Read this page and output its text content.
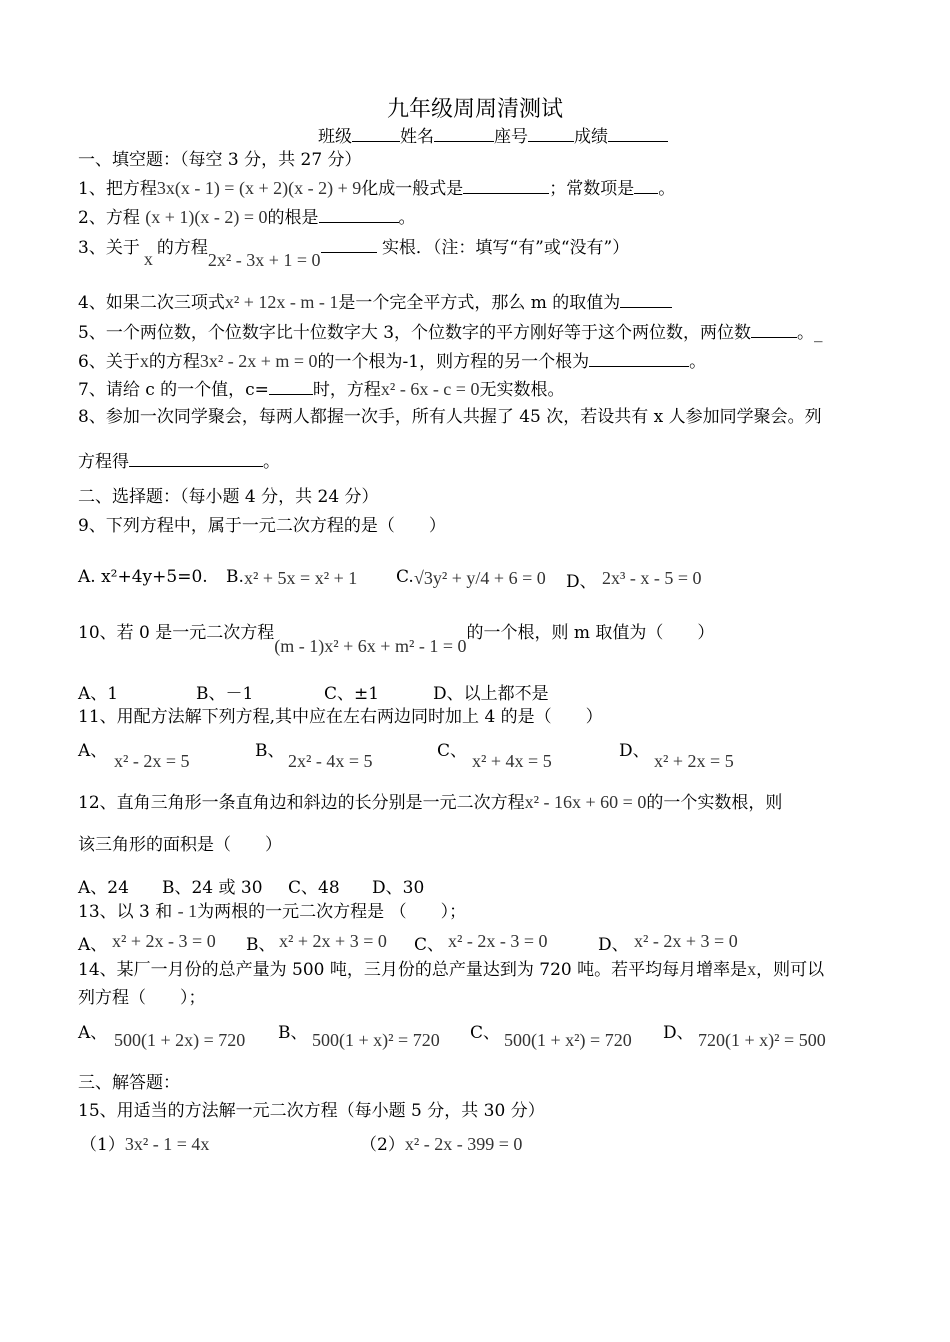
九年级周周清测试
班级	姓名	座号	成绩
一、填空题：（每空 3 分，共 27 分）
1、把方程3x(x - 1) = (x + 2)(x - 2) + 9化成一般式是	；常数项是 。
2、方程 (x + 1)(x - 2) = 0的根是	。
3、关于x的方程2x² - 3x + 1 = 0 实根．（注：填写“有”或“没有”）
4、如果二次三项式x² + 12x - m - 1是一个完全平方式，那么 m 的取值为
5、一个两位数，个位数字比十位数字大 3，个位数字的平方刚好等于这个两位数，两位数	。_
6、关于x的方程3x² - 2x + m = 0的一个根为-1，则方程的另一个根为	。
7、请给 c 的一个值，c=	时，方程x² - 6x - c = 0无实数根。
8、参加一次同学聚会，每两人都握一次手，所有人共握了 45 次，若设共有 x 人参加同学聚会。列
方程得	。
二、选择题：（每小题 4 分，共 24 分）
9、下列方程中，属于一元二次方程的是（　　）
A. x²+4y+5=0. B. x² + 5x = x² + 1 C. √3y² + y/4 + 6 = 0 D、 2x³ - x - 5 = 0
10、若 0 是一元二次方程(m - 1)x² + 6x + m² - 1 = 0的一个根，则 m 取值为（　　）
A、1	B、－1	C、±1	D、以上都不是
11、用配方法解下列方程,其中应在左右两边同时加上 4 的是（　　）
A、 x² - 2x = 5	B、 2x² - 4x = 5	C、 x² + 4x = 5	D、 x² + 2x = 5
12、直角三角形一条直角边和斜边的长分别是一元二次方程x² - 16x + 60 = 0的一个实数根，则
该三角形的面积是（　　）
A、24 B、24 或 30 C、48 D、30
13、以 3 和 - 1为两根的一元二次方程是 （　　）；
A、 x² + 2x - 3 = 0 B、 x² + 2x + 3 = 0 C、 x² - 2x - 3 = 0	D、 x² - 2x + 3 = 0
14、某厂一月份的总产量为 500 吨，三月份的总产量达到为 720 吨。若平均每月增率是x，则可以
列方程（　　）；
A、 500(1 + 2x) = 720 B、 500(1 + x)² = 720 C、 500(1 + x²) = 720 D、 720(1 + x)² = 500
三、解答题：
15、用适当的方法解一元二次方程（每小题 5 分，共 30 分）
（1）3x² - 1 = 4x	（2）x² - 2x - 399 = 0
